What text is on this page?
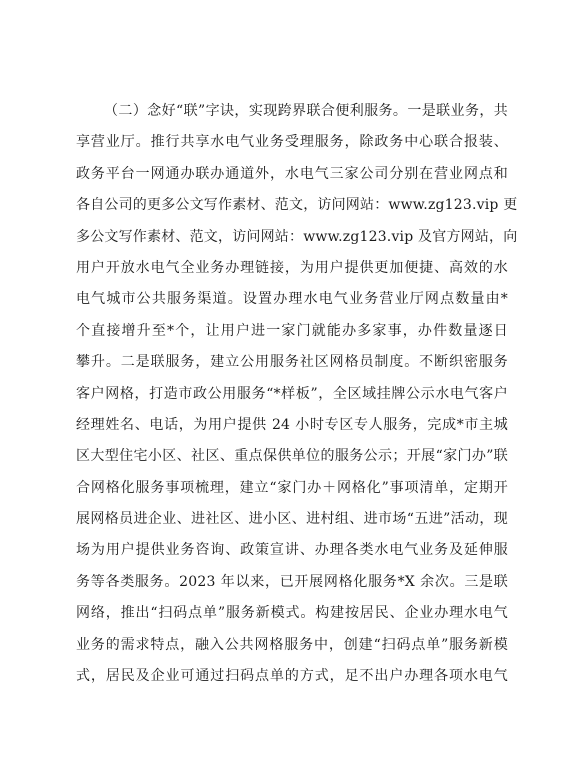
（二）念好“联”字诀，实现跨界联合便利服务。一是联业务，共
享营业厅。推行共享水电气业务受理服务，除政务中心联合报装、
政务平台一网通办联办通道外，水电气三家公司分别在营业网点和
各自公司的更多公文写作素材、范文，访问网站：www.zg123.vip 更
多公文写作素材、范文，访问网站：www.zg123.vip 及官方网站，向
用户开放水电气全业务办理链接，为用户提供更加便捷、高效的水
电气城市公共服务渠道。设置办理水电气业务营业厅网点数量由*
个直接增升至*个，让用户进一家门就能办多家事，办件数量逐日
攀升。二是联服务，建立公用服务社区网格员制度。不断织密服务
客户网格，打造市政公用服务“*样板”，全区域挂牌公示水电气客户
经理姓名、电话，为用户提供 24 小时专区专人服务，完成*市主城
区大型住宅小区、社区、重点保供单位的服务公示；开展“家门办”联
合网格化服务事项梳理，建立“家门办＋网格化”事项清单，定期开
展网格员进企业、进社区、进小区、进村组、进市场“五进”活动，现
场为用户提供业务咨询、政策宣讲、办理各类水电气业务及延伸服
务等各类服务。2023 年以来，已开展网格化服务*X 余次。三是联
网络，推出“扫码点单”服务新模式。构建按居民、企业办理水电气
业务的需求特点，融入公共网格服务中，创建“扫码点单”服务新模
式，居民及企业可通过扫码点单的方式，足不出户办理各项水电气
